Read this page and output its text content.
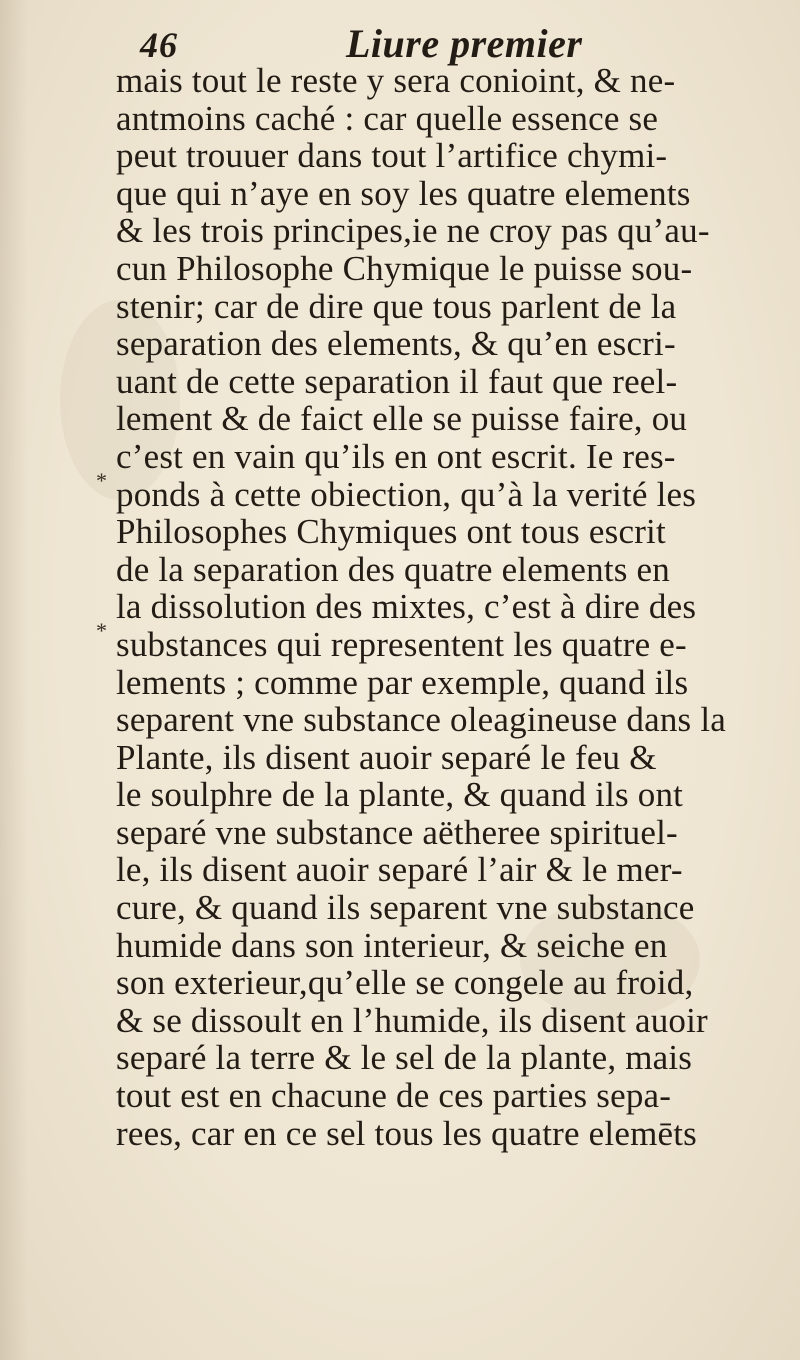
46	Liure premier
*
*
mais tout le reste y sera conioint, & ne-
antmoins caché : car quelle essence se
peut trouuer dans tout l’artifice chymi-
que qui n’aye en soy les quatre elements
& les trois principes,ie ne croy pas qu’au-
cun Philosophe Chymique le puisse sou-
stenir; car de dire que tous parlent de la
separation des elements, & qu’en escri-
uant de cette separation il faut que reel-
lement & de faict elle se puisse faire, ou
c’est en vain qu’ils en ont escrit. Ie res-
ponds à cette obiection, qu’à la verité les
Philosophes Chymiques ont tous escrit
de la separation des quatre elements en
la dissolution des mixtes, c’est à dire des
substances qui representent les quatre e-
lements ; comme par exemple, quand ils
separent vne substance oleagineuse dans la
Plante, ils disent auoir separé le feu &
le soulphre de la plante, & quand ils ont
separé vne substance aëtheree spirituel-
le, ils disent auoir separé l’air & le mer-
cure, & quand ils separent vne substance
humide dans son interieur, & seiche en
son exterieur,qu’elle se congele au froid,
& se dissoult en l’humide, ils disent auoir
separé la terre & le sel de la plante, mais
tout est en chacune de ces parties sepa-
rees, car en ce sel tous les quatre elemēts
